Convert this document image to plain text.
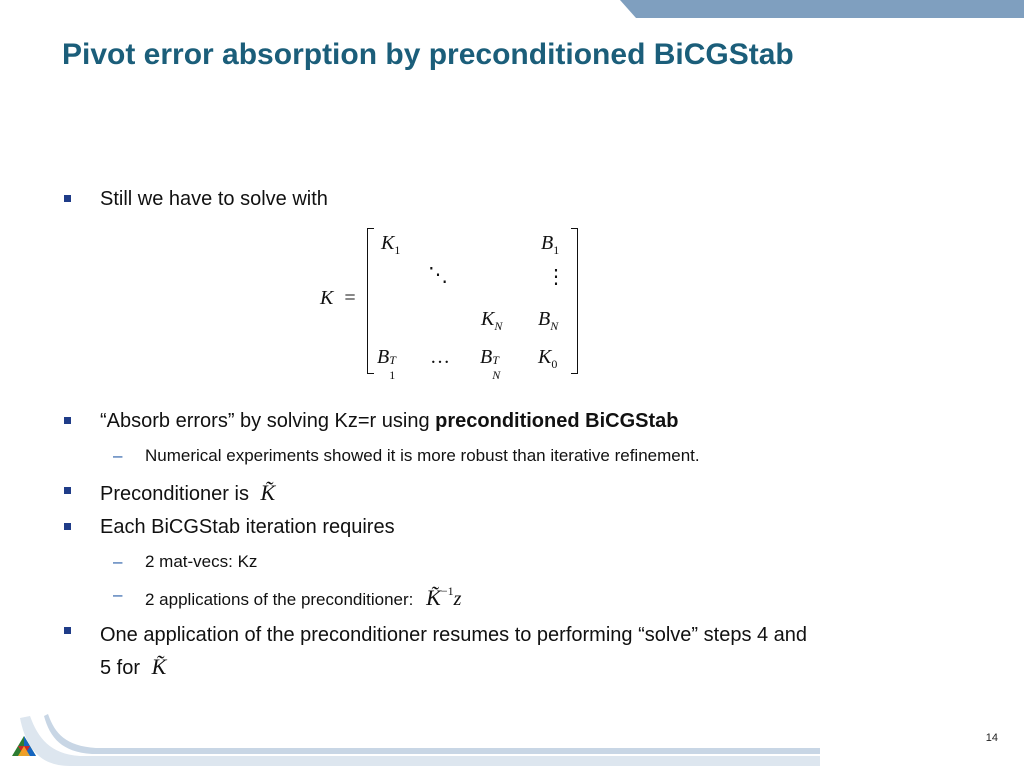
Pivot error absorption by preconditioned BiCGStab
Still we have to solve with
K =
$K_1$	$B_1$
⋱	⋮
$K_N$ $B_N$
B T
1
… B T
N
$K_0$
“Absorb errors” by solving Kz=r using preconditioned BiCGStab
– Numerical experiments showed it is more robust than iterative refinement.
Preconditioner is K̃
Each BiCGStab iteration requires
– 2 mat-vecs: Kz
– 2 applications of the preconditioner: K̃$^{-1}$z
One application of the preconditioner resumes to performing “solve” steps 4 and
5 for K̃
14
